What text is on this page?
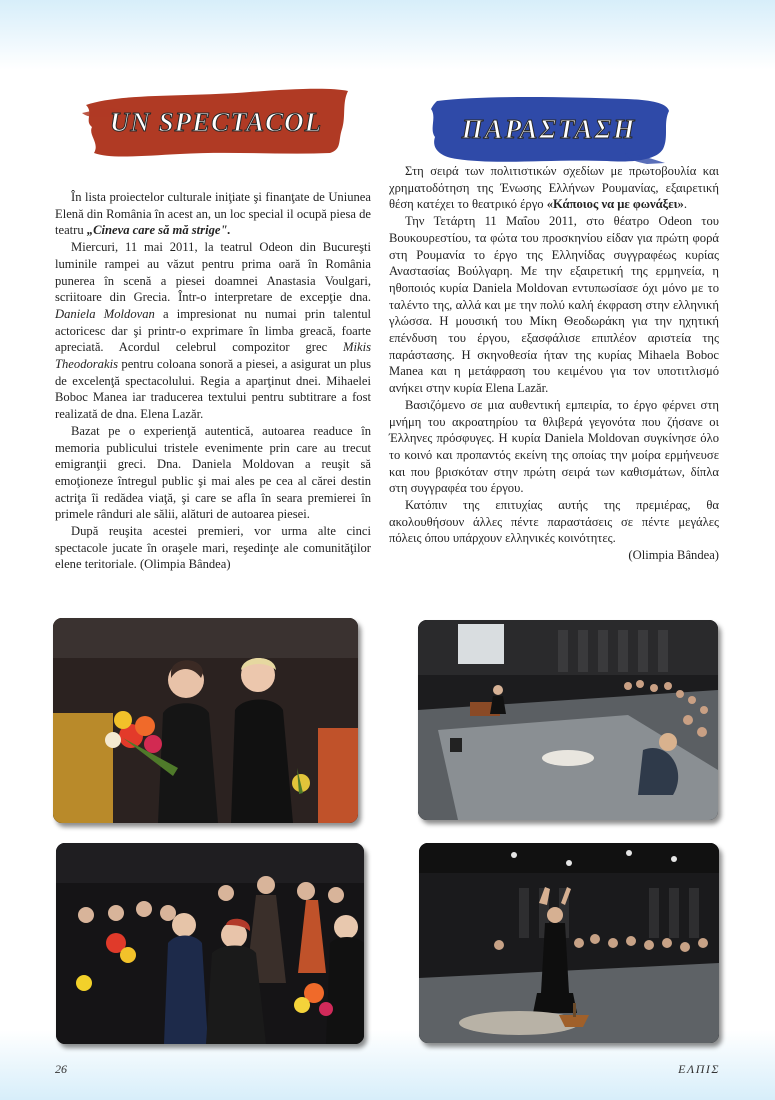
UN SPECTACOL	ΠΑΡΑΣΤΑΣΗ

În lista proiectelor culturale iniţiate şi finanţate de Uniunea Elenă din România în acest an, un loc special il ocupă piesa de teatru „Cineva care să mă strige".

Miercuri, 11 mai 2011, la teatrul Odeon din Bucureşti luminile rampei au văzut pentru prima oară în România punerea în scenă a piesei doamnei Anastasia Voulgari, scriitoare din Grecia. Într-o interpretare de excepţie dna. Daniela Moldovan a impresionat nu numai prin talentul actoricesc dar şi printr-o exprimare în limba greacă, foarte apreciată. Acordul celebrul compozitor grec Mikis Theodorakis pentru coloana sonoră a piesei, a asigurat un plus de excelenţă spectacolului. Regia a aparţinut dnei. Mihaelei Boboc Manea iar traducerea textului pentru subtitrare a fost realizată de dna. Elena Lazăr.

Bazat pe o experienţă autentică, autoarea readuce în memoria publicului tristele evenimente prin care au trecut emigranţii greci. Dna. Daniela Moldovan a reuşit să emoţioneze întregul public şi mai ales pe cea al cărei destin actriţa îi redădea viaţă, şi care se afla în seara premierei în primele rânduri ale sălii, alături de autoarea piesei.

După reuşita acestei premieri, vor urma alte cinci spectacole jucate în oraşele mari, reşedinţe ale comunităţilor elene teritoriale. (Olimpia Bândea)

Στη σειρά των πολιτιστικών σχεδίων με πρωτοβουλία και χρηματοδότηση της Ένωσης Ελλήνων Ρουμανίας, εξαιρετική θέση κατέχει το θεατρικό έργο «Κάποιος να με φωνάξει».

Την Τετάρτη 11 Μαΐου 2011, στο θέατρο Odeon του Βουκουρεστίου, τα φώτα του προσκηνίου είδαν για πρώτη φορά στη Ρουμανία το έργο της Ελληνίδας συγγραφέως κυρίας Αναστασίας Βούλγαρη. Με την εξαιρετική της ερμηνεία, η ηθοποιός κυρία Daniela Moldovan εντυπωσίασε όχι μόνο με το ταλέντο της, αλλά και με την πολύ καλή έκφραση στην ελληνική γλώσσα. Η μουσική του Μίκη Θεοδωράκη για την ηχητική επένδυση του έργου, εξασφάλισε επιπλέον αριστεία της παράστασης. Η σκηνοθεσία ήταν της κυρίας Mihaela Boboc Manea και η μετάφραση του κειμένου για τον υποτιτλισμό ανήκει στην κυρία Elena Lazăr.

Βασιζόμενο σε μια αυθεντική εμπειρία, το έργο φέρνει στη μνήμη του ακροατηρίου τα θλιβερά γεγονότα που ζήσανε οι Έλληνες πρόσφυγες. Η κυρία Daniela Moldovan συγκίνησε όλο το κοινό και προπαντός εκείνη της οποίας την μοίρα ερμήνευσε και που βρισκόταν στην πρώτη σειρά των καθισμάτων, δίπλα στη συγγραφέα του έργου.

Κατόπιν της επιτυχίας αυτής της πρεμιέρας, θα ακολουθήσουν άλλες πέντε παραστάσεις σε πέντε μεγάλες πόλεις όπου υπάρχουν ελληνικές κοινότητες.

(Olimpia Bândea)

26	ΕΛΠΙΣ
